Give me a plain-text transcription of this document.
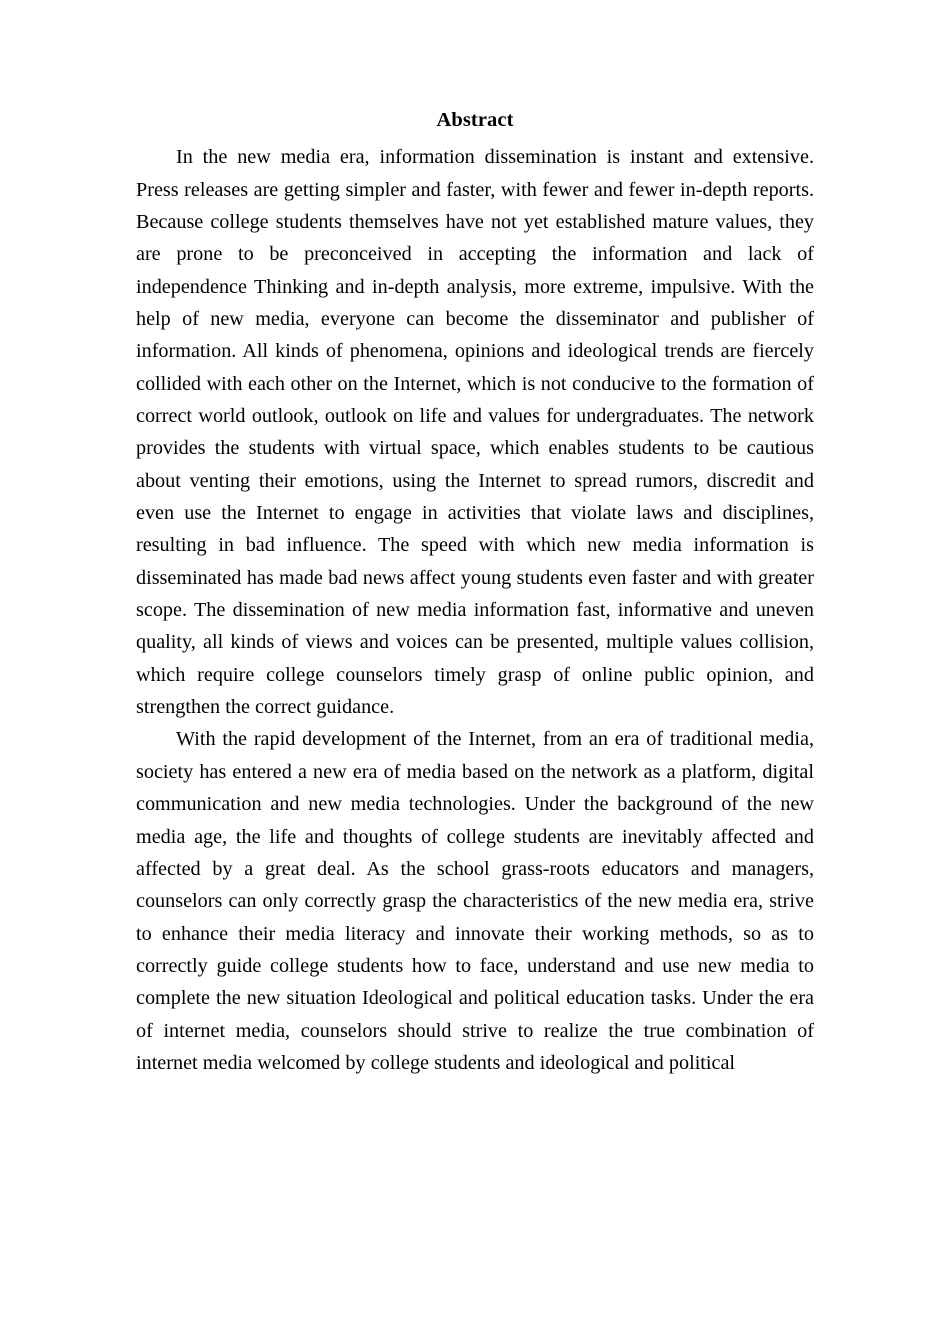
Abstract

In the new media era, information dissemination is instant and extensive. Press releases are getting simpler and faster, with fewer and fewer in-depth reports. Because college students themselves have not yet established mature values, they are prone to be preconceived in accepting the information and lack of independence Thinking and in-depth analysis, more extreme, impulsive. With the help of new media, everyone can become the disseminator and publisher of information. All kinds of phenomena, opinions and ideological trends are fiercely collided with each other on the Internet, which is not conducive to the formation of correct world outlook, outlook on life and values for undergraduates. The network provides the students with virtual space, which enables students to be cautious about venting their emotions, using the Internet to spread rumors, discredit and even use the Internet to engage in activities that violate laws and disciplines, resulting in bad influence. The speed with which new media information is disseminated has made bad news affect young students even faster and with greater scope. The dissemination of new media information fast, informative and uneven quality, all kinds of views and voices can be presented, multiple values collision, which require college counselors timely grasp of online public opinion, and strengthen the correct guidance.

With the rapid development of the Internet, from an era of traditional media, society has entered a new era of media based on the network as a platform, digital communication and new media technologies. Under the background of the new media age, the life and thoughts of college students are inevitably affected and affected by a great deal. As the school grass-roots educators and managers, counselors can only correctly grasp the characteristics of the new media era, strive to enhance their media literacy and innovate their working methods, so as to correctly guide college students how to face, understand and use new media to complete the new situation Ideological and political education tasks. Under the era of internet media, counselors should strive to realize the true combination of internet media welcomed by college students and ideological and political
